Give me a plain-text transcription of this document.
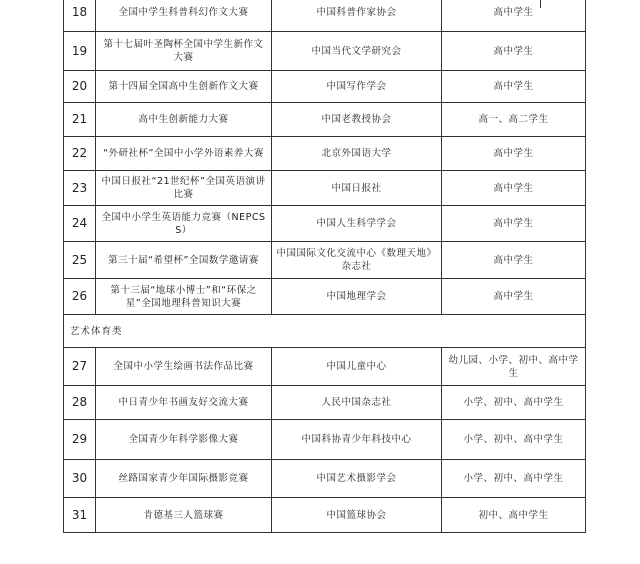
18	全国中学生科普科幻作文大赛	中国科普作家协会	高中学生
19	第十七届叶圣陶杯全国中学生新作文大赛	中国当代文学研究会	高中学生
20	第十四届全国高中生创新作文大赛	中国写作学会	高中学生
21	高中生创新能力大赛	中国老教授协会	高一、高二学生
22	“外研社杯”全国中小学外语素养大赛	北京外国语大学	高中学生
23	中国日报社“21世纪杯”全国英语演讲比赛	中国日报社	高中学生
24	全国中小学生英语能力竞赛（NEPCS S）	中国人生科学学会	高中学生
25	第三十届“希望杯”全国数学邀请赛	中国国际文化交流中心《数理天地》杂志社	高中学生
26	第十三届“地球小博士”和“环保之星”全国地理科普知识大赛	中国地理学会	高中学生
艺术体育类			
27	全国中小学生绘画书法作品比赛	中国儿童中心	幼儿园、小学、初中、高中学生
28	中日青少年书画友好交流大赛	人民中国杂志社	小学、初中、高中学生
29	全国青少年科学影像大赛	中国科协青少年科技中心	小学、初中、高中学生
30	丝路国家青少年国际摄影竞赛	中国艺术摄影学会	小学、初中、高中学生
31	肯德基三人篮球赛	中国篮球协会	初中、高中学生
